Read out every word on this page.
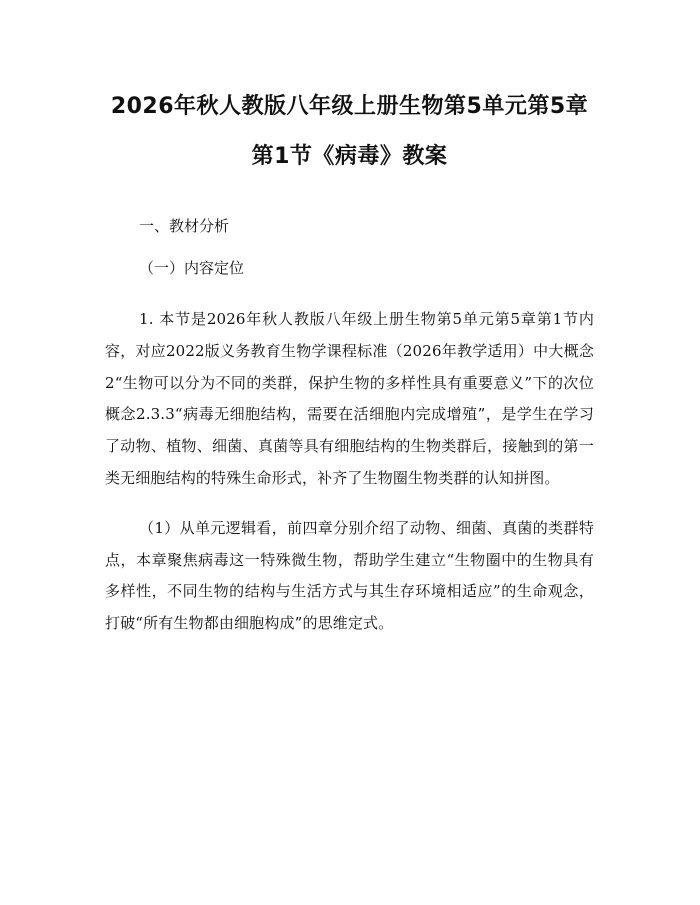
2026年秋人教版八年级上册生物第5单元第5章第1节《病毒》教案

一、教材分析

（一）内容定位

1. 本节是2026年秋人教版八年级上册生物第5单元第5章第1节内容，对应2022版义务教育生物学课程标准（2026年教学适用）中大概念2“生物可以分为不同的类群，保护生物的多样性具有重要意义”下的次位概念2.3.3“病毒无细胞结构，需要在活细胞内完成增殖”，是学生在学习了动物、植物、细菌、真菌等具有细胞结构的生物类群后，接触到的第一类无细胞结构的特殊生命形式，补齐了生物圈生物类群的认知拼图。

（1）从单元逻辑看，前四章分别介绍了动物、细菌、真菌的类群特点，本章聚焦病毒这一特殊微生物，帮助学生建立“生物圈中的生物具有多样性，不同生物的结构与生活方式与其生存环境相适应”的生命观念，打破“所有生物都由细胞构成”的思维定式。
